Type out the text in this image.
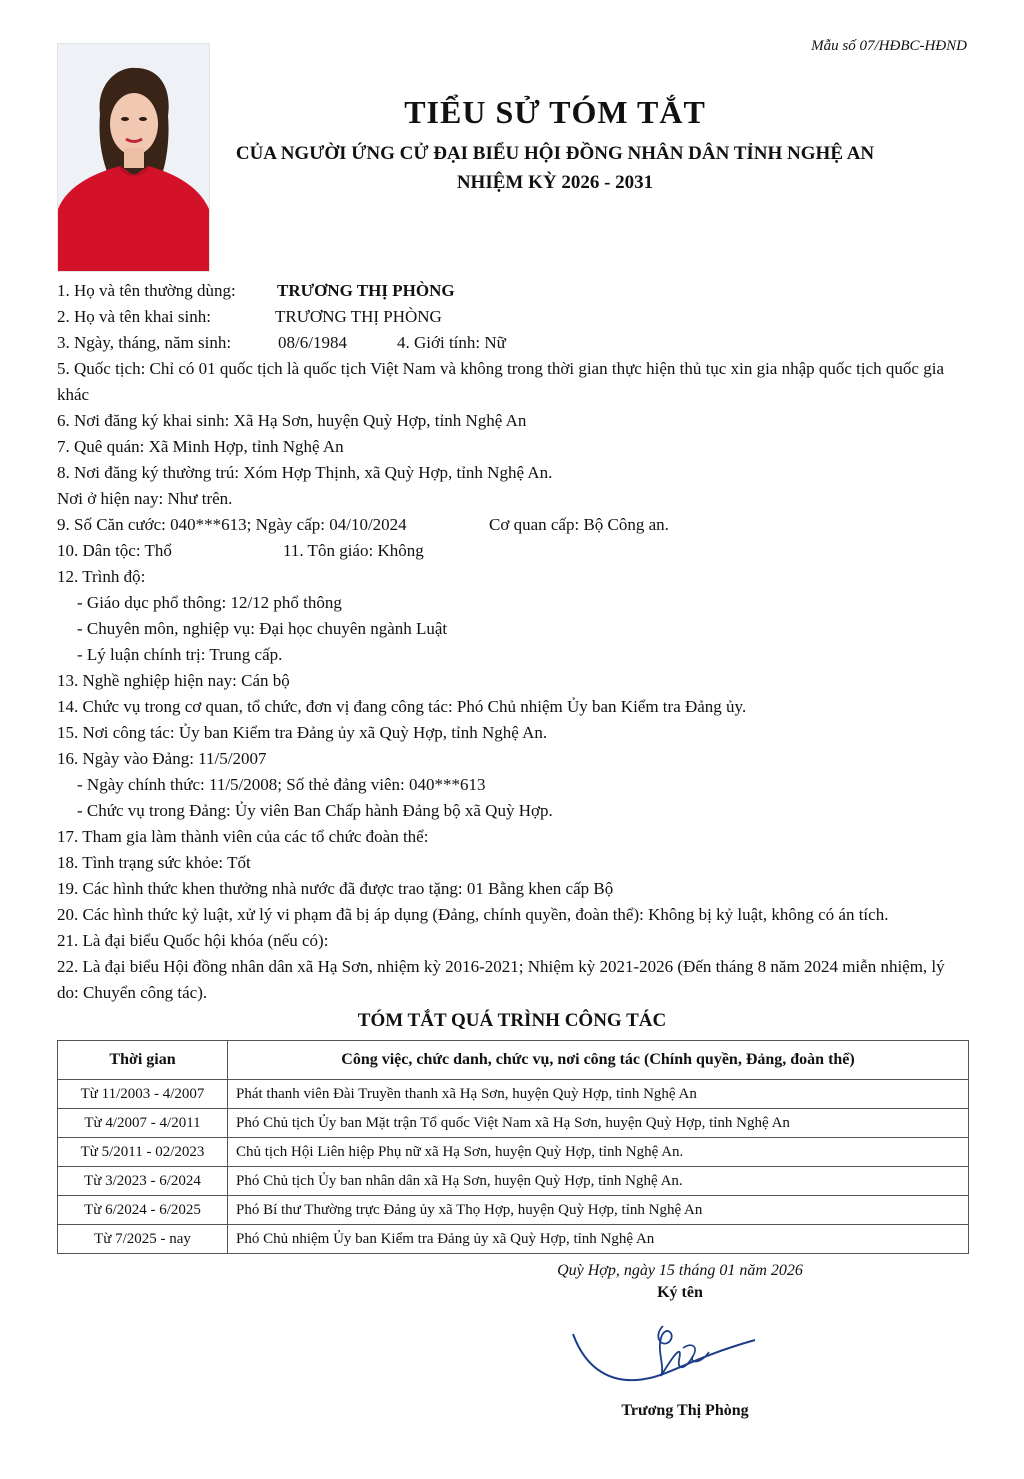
Mẫu số 07/HĐBC-HĐND
TIỂU SỬ TÓM TẮT
CỦA NGƯỜI ỨNG CỬ ĐẠI BIỂU HỘI ĐỒNG NHÂN DÂN TỈNH NGHỆ AN
NHIỆM KỲ 2026 - 2031
1. Họ và tên thường dùng: TRƯƠNG THỊ PHÒNG
2. Họ và tên khai sinh:	TRƯƠNG THỊ PHÒNG
3. Ngày, tháng, năm sinh:	08/6/1984	4. Giới tính: Nữ
5. Quốc tịch: Chỉ có 01 quốc tịch là quốc tịch Việt Nam và không trong thời gian thực hiện thủ tục xin gia nhập quốc tịch quốc gia khác
6. Nơi đăng ký khai sinh: Xã Hạ Sơn, huyện Quỳ Hợp, tỉnh Nghệ An
7. Quê quán: Xã Minh Hợp, tỉnh Nghệ An
8. Nơi đăng ký thường trú: Xóm Hợp Thịnh, xã Quỳ Hợp, tỉnh Nghệ An.
Nơi ở hiện nay: Như trên.
9. Số Căn cước: 040***613; Ngày cấp: 04/10/2024	Cơ quan cấp: Bộ Công an.
10. Dân tộc: Thổ	11. Tôn giáo: Không
12. Trình độ:
- Giáo dục phổ thông: 12/12 phổ thông
- Chuyên môn, nghiệp vụ: Đại học chuyên ngành Luật
- Lý luận chính trị: Trung cấp.
13. Nghề nghiệp hiện nay: Cán bộ
14. Chức vụ trong cơ quan, tổ chức, đơn vị đang công tác: Phó Chủ nhiệm Ủy ban Kiểm tra Đảng ủy.
15. Nơi công tác: Ủy ban Kiểm tra Đảng ủy xã Quỳ Hợp, tỉnh Nghệ An.
16. Ngày vào Đảng: 11/5/2007
- Ngày chính thức: 11/5/2008; Số thẻ đảng viên: 040***613
- Chức vụ trong Đảng: Ủy viên Ban Chấp hành Đảng bộ xã Quỳ Hợp.
17. Tham gia làm thành viên của các tổ chức đoàn thể:
18. Tình trạng sức khỏe: Tốt
19. Các hình thức khen thưởng nhà nước đã được trao tặng: 01 Bằng khen cấp Bộ
20. Các hình thức kỷ luật, xử lý vi phạm đã bị áp dụng (Đảng, chính quyền, đoàn thể): Không bị kỷ luật, không có án tích.
21. Là đại biểu Quốc hội khóa (nếu có):
22. Là đại biểu Hội đồng nhân dân xã Hạ Sơn, nhiệm kỳ 2016-2021; Nhiệm kỳ 2021-2026 (Đến tháng 8 năm 2024 miễn nhiệm, lý do: Chuyển công tác).
TÓM TẮT QUÁ TRÌNH CÔNG TÁC
Thời gian	Công việc, chức danh, chức vụ, nơi công tác (Chính quyền, Đảng, đoàn thể)
Từ 11/2003 - 4/2007	Phát thanh viên Đài Truyền thanh xã Hạ Sơn, huyện Quỳ Hợp, tỉnh Nghệ An
Từ 4/2007 - 4/2011	Phó Chủ tịch Ủy ban Mặt trận Tổ quốc Việt Nam xã Hạ Sơn, huyện Quỳ Hợp, tỉnh Nghệ An
Từ 5/2011 - 02/2023	Chủ tịch Hội Liên hiệp Phụ nữ xã Hạ Sơn, huyện Quỳ Hợp, tỉnh Nghệ An.
Từ 3/2023 - 6/2024	Phó Chủ tịch Ủy ban nhân dân xã Hạ Sơn, huyện Quỳ Hợp, tỉnh Nghệ An.
Từ 6/2024 - 6/2025	Phó Bí thư Thường trực Đảng ủy xã Thọ Hợp, huyện Quỳ Hợp, tỉnh Nghệ An
Từ 7/2025 - nay	Phó Chủ nhiệm Ủy ban Kiểm tra Đảng ủy xã Quỳ Hợp, tỉnh Nghệ An
Quỳ Hợp, ngày 15 tháng 01 năm 2026
Ký tên
Trương Thị Phòng
